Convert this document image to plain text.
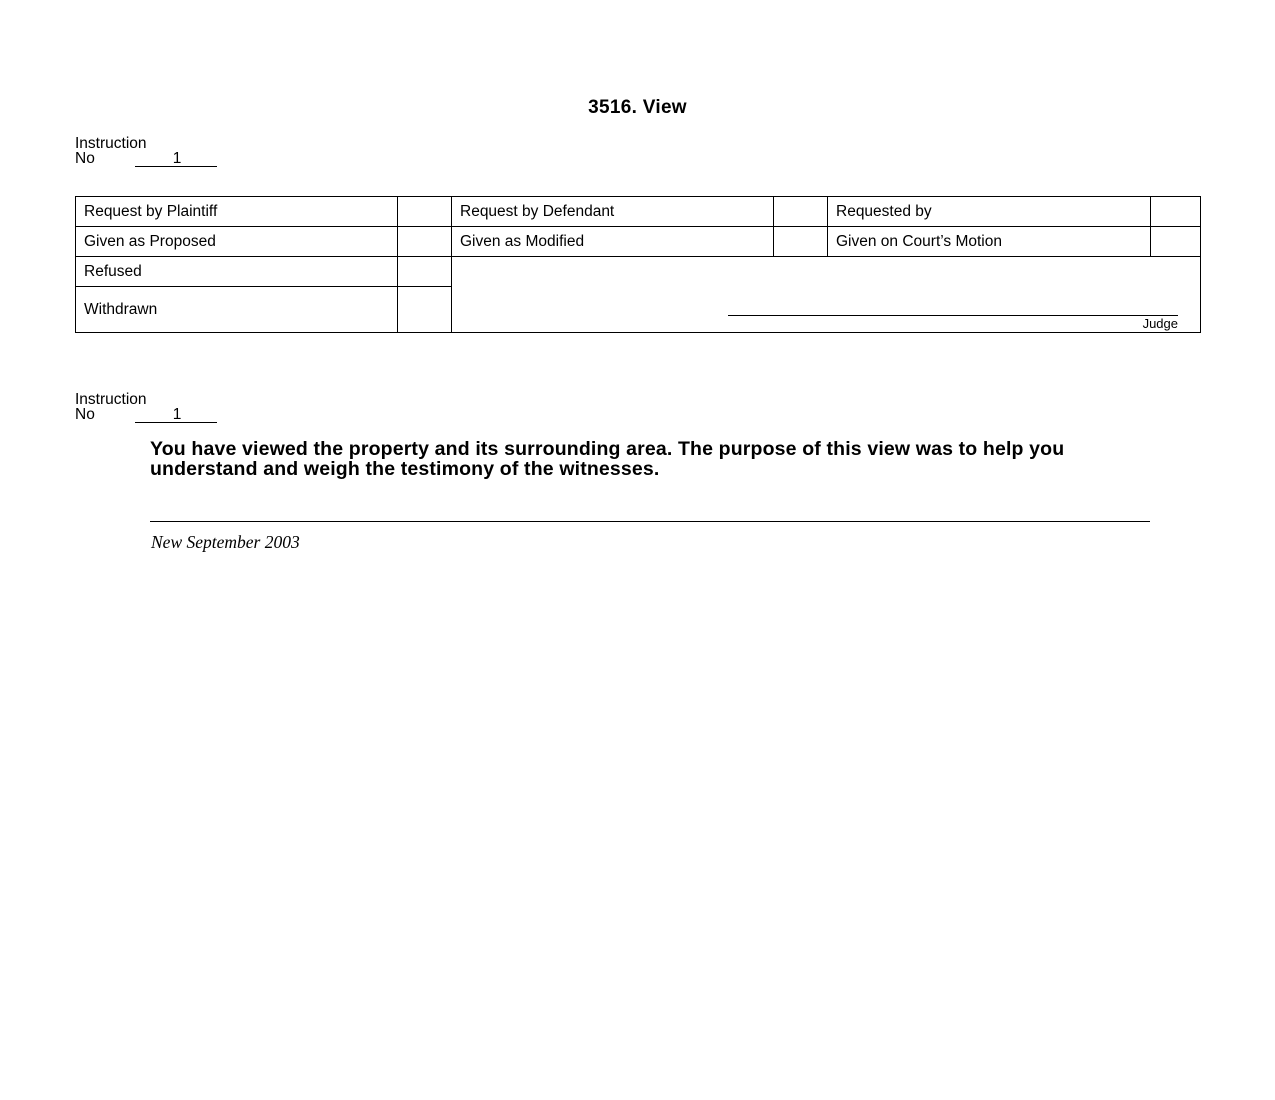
3516. View
Instruction
No	1
Request by Plaintiff		Request by Defendant		Requested by	
Given as Proposed		Given as Modified		Given on Court’s Motion	
Refused		Judge			

Withdrawn					
Instruction
No	1
You have viewed the property and its surrounding area. The purpose of this view was to help you understand and weigh the testimony of the witnesses.
New September 2003
